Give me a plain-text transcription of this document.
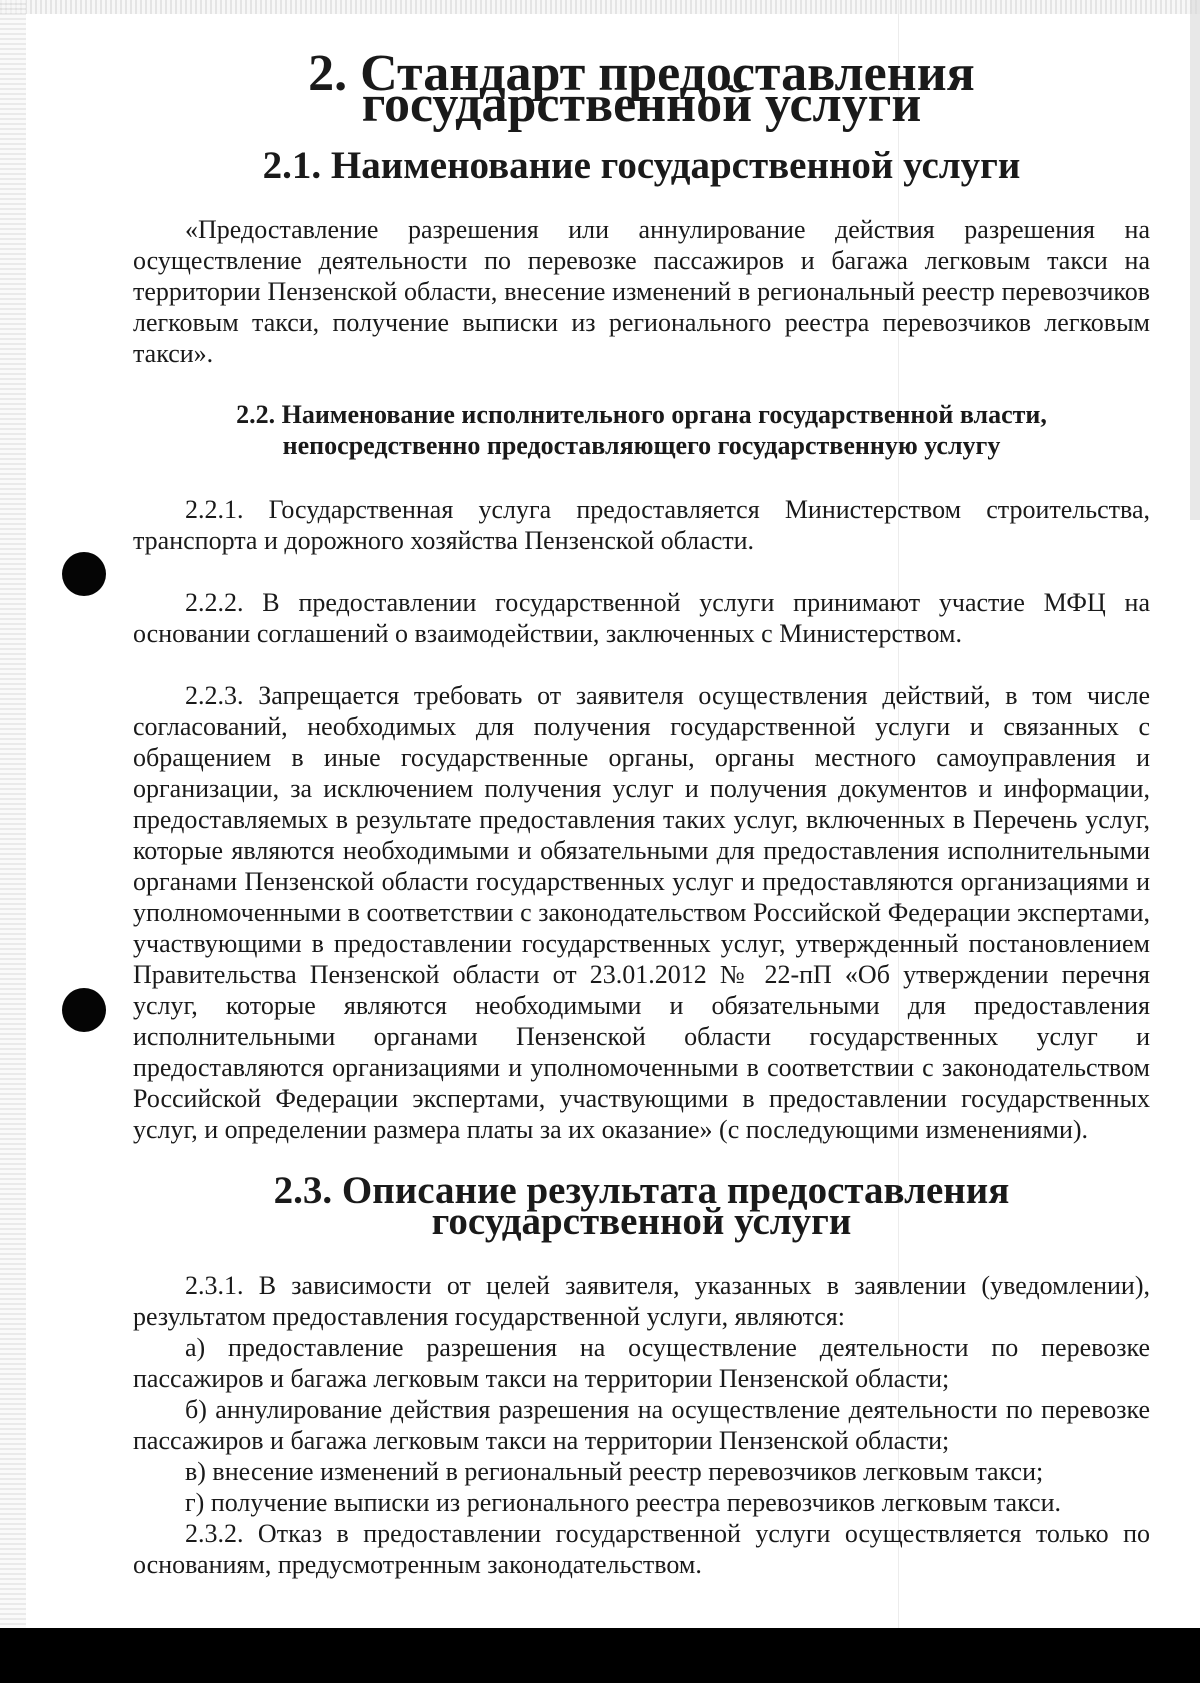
2. Стандарт предоставления государственной услуги
2.1. Наименование государственной услуги

«Предоставление разрешения или аннулирование действия разрешения на осуществление деятельности по перевозке пассажиров и багажа легковым такси на территории Пензенской области, внесение изменений в региональный реестр перевозчиков легковым такси, получение выписки из регионального реестра перевозчиков легковым такси».

2.2. Наименование исполнительного органа государственной власти,
непосредственно предоставляющего государственную услугу

2.2.1. Государственная услуга предоставляется Министерством строительства, транспорта и дорожного хозяйства Пензенской области.

2.2.2. В предоставлении государственной услуги принимают участие МФЦ на основании соглашений о взаимодействии, заключенных с Министерством.

2.2.3. Запрещается требовать от заявителя осуществления действий, в том числе согласований, необходимых для получения государственной услуги и связанных с обращением в иные государственные органы, органы местного самоуправления и организации, за исключением получения услуг и получения документов и информации, предоставляемых в результате предоставления таких услуг, включенных в Перечень услуг, которые являются необходимыми и обязательными для предоставления исполнительными органами Пензенской области государственных услуг и предоставляются организациями и уполномоченными в соответствии с законодательством Российской Федерации экспертами, участвующими в предоставлении государственных услуг, утвержденный постановлением Правительства Пензенской области от 23.01.2012 № 22-пП «Об утверждении перечня услуг, которые являются необходимыми и обязательными для предоставления исполнительными органами Пензенской области государственных услуг и предоставляются организациями и уполномоченными в соответствии с законодательством Российской Федерации экспертами, участвующими в предоставлении государственных услуг, и определении размера платы за их оказание» (с последующими изменениями).

2.3. Описание результата предоставления государственной услуги

2.3.1. В зависимости от целей заявителя, указанных в заявлении (уведомлении), результатом предоставления государственной услуги, являются:

а) предоставление разрешения на осуществление деятельности по перевозке пассажиров и багажа легковым такси на территории Пензенской области;

б) аннулирование действия разрешения на осуществление деятельности по перевозке пассажиров и багажа легковым такси на территории Пензенской области;

в) внесение изменений в региональный реестр перевозчиков легковым такси;

г) получение выписки из регионального реестра перевозчиков легковым такси.

2.3.2. Отказ в предоставлении государственной услуги осуществляется только по основаниям, предусмотренным законодательством.
